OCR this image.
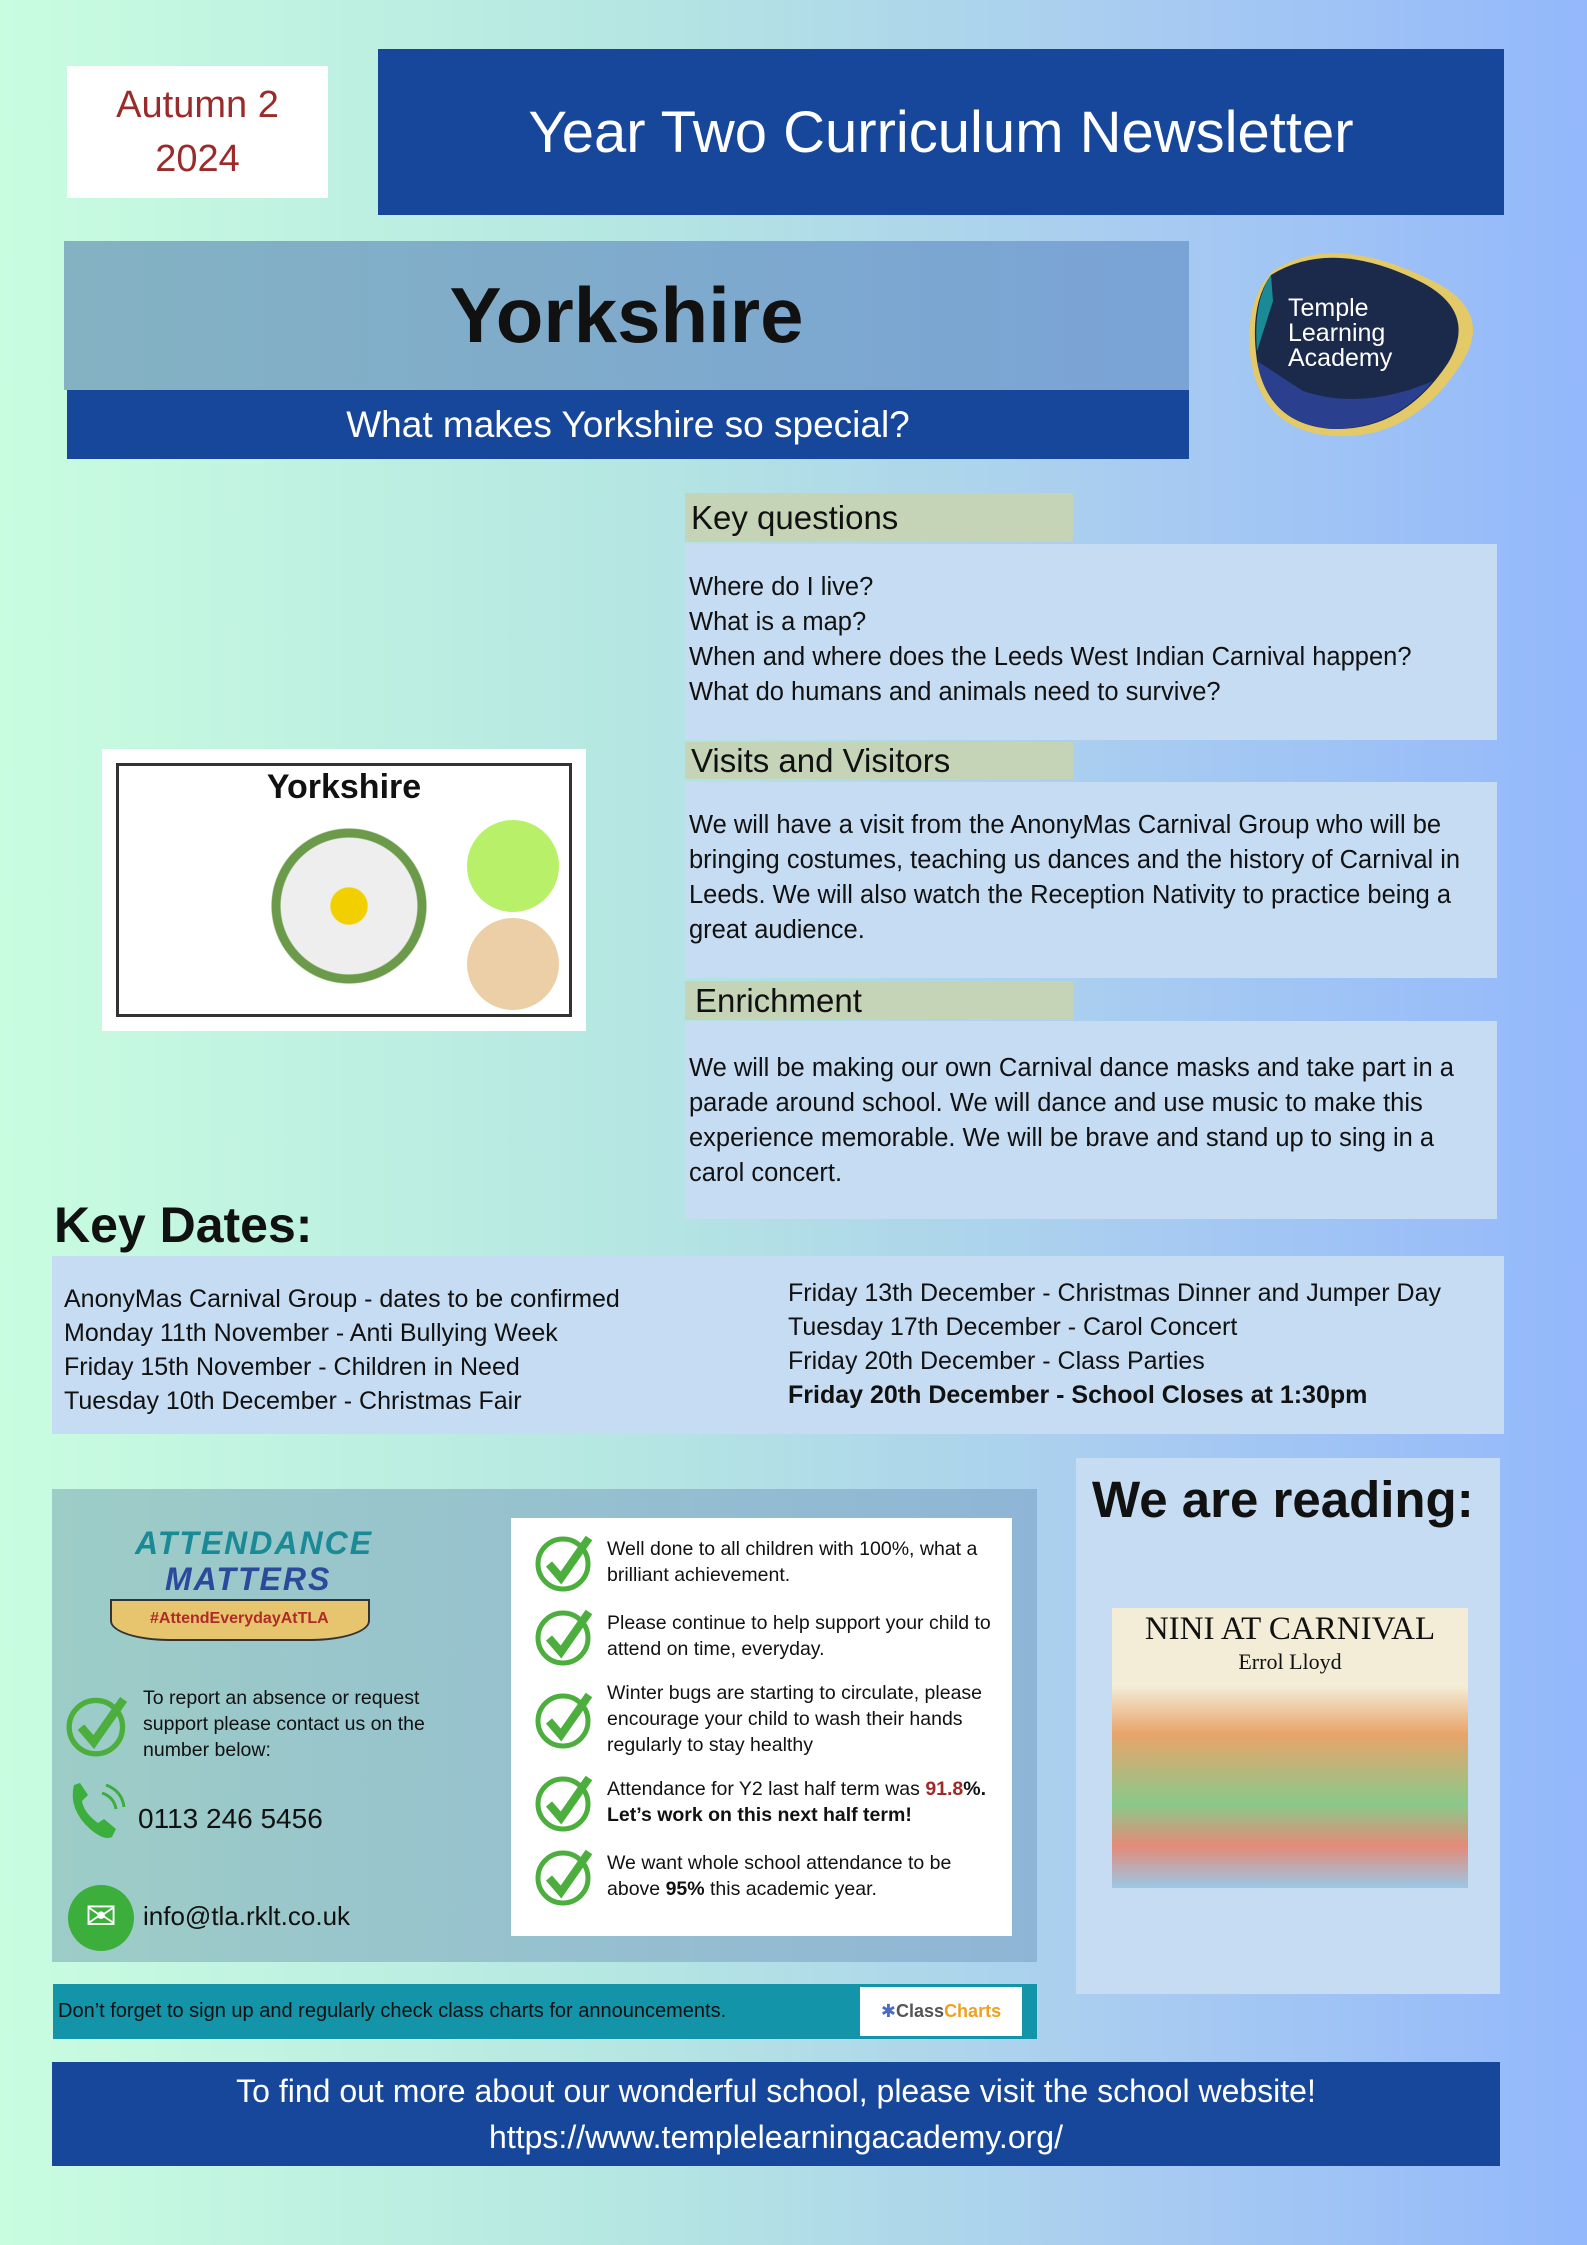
Autumn 2
2024	Year Two Curriculum Newsletter
Yorkshire
What makes Yorkshire so special?
Temple
Learning
Academy
Yorkshire
Key questions
Where do I live?
What is a map?
When and where does the Leeds West Indian Carnival happen?
What do humans and animals need to survive?
Visits and Visitors
We will have a visit from the AnonyMas Carnival Group who will be bringing costumes, teaching us dances and the history of Carnival in Leeds. We will also watch the Reception Nativity to practice being a great audience.
Enrichment
We will be making our own Carnival dance masks and take part in a parade around school. We will dance and use music to make this experience memorable. We will be brave and stand up to sing in a carol concert.
Key Dates:
AnonyMas Carnival Group - dates to be confirmed
Monday 11th November - Anti Bullying Week
Friday 15th November - Children in Need
Tuesday 10th December - Christmas Fair
Friday 13th December - Christmas Dinner and Jumper Day
Tuesday 17th December - Carol Concert
Friday 20th December - Class Parties
Friday 20th December - School Closes at 1:30pm
ATTENDANCE
MATTERS
#AttendEverydayAtTLA
To report an absence or request support please contact us on the number below:
0113 246 5456
✉	info@tla.rklt.co.uk
Well done to all children with 100%, what a brilliant achievement.
Please continue to help support your child to attend on time, everyday.
Winter bugs are starting to circulate, please encourage your child to wash their hands regularly to stay healthy
Attendance for Y2 last half term was 91.8%. Let’s work on this next half term!
We want whole school attendance to be above 95% this academic year.
We are reading:
NINI AT CARNIVAL
Errol Lloyd
Don’t forget to sign up and regularly check class charts for announcements.	✱ Class Charts
To find out more about our wonderful school, please visit the school website!
https://www.templelearningacademy.org/
